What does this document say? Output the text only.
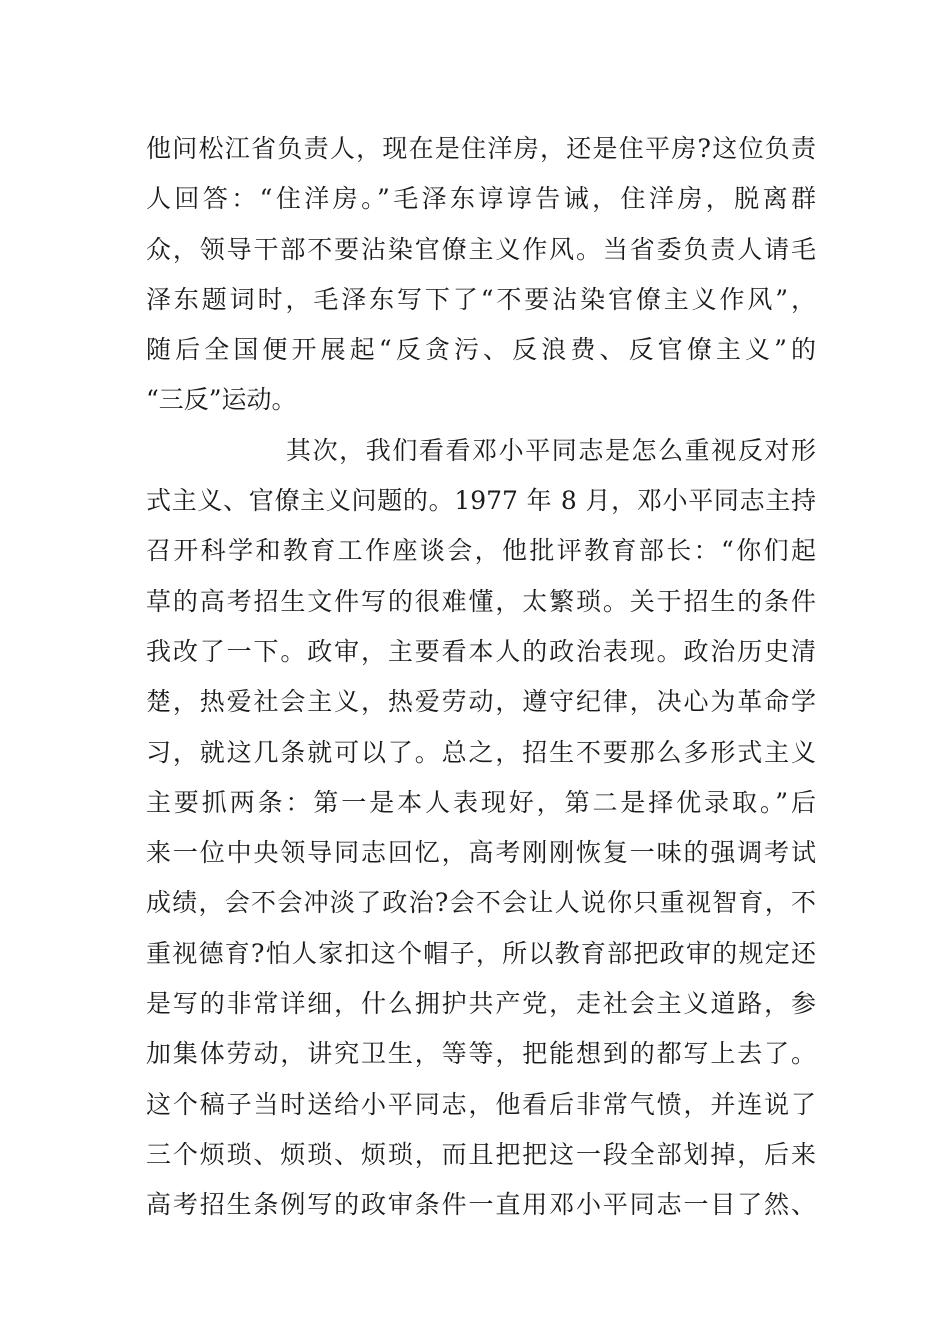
他问松江省负责人，现在是住洋房，还是住平房?这位负责
人回答：“住洋房。”毛泽东谆谆告诫，住洋房，脱离群
众，领导干部不要沾染官僚主义作风。当省委负责人请毛
泽东题词时，毛泽东写下了“不要沾染官僚主义作风”，
随后全国便开展起“反贪污、反浪费、反官僚主义”的
“三反”运动。
其次，我们看看邓小平同志是怎么重视反对形
式主义、官僚主义问题的。1977 年 8 月，邓小平同志主持
召开科学和教育工作座谈会，他批评教育部长：“你们起
草的高考招生文件写的很难懂，太繁琐。关于招生的条件
我改了一下。政审，主要看本人的政治表现。政治历史清
楚，热爱社会主义，热爱劳动，遵守纪律，决心为革命学
习，就这几条就可以了。总之，招生不要那么多形式主义
主要抓两条：第一是本人表现好，第二是择优录取。”后
来一位中央领导同志回忆，高考刚刚恢复一味的强调考试
成绩，会不会冲淡了政治?会不会让人说你只重视智育，不
重视德育?怕人家扣这个帽子，所以教育部把政审的规定还
是写的非常详细，什么拥护共产党，走社会主义道路，参
加集体劳动，讲究卫生，等等，把能想到的都写上去了。
这个稿子当时送给小平同志，他看后非常气愤，并连说了
三个烦琐、烦琐、烦琐，而且把把这一段全部划掉，后来
高考招生条例写的政审条件一直用邓小平同志一目了然、
